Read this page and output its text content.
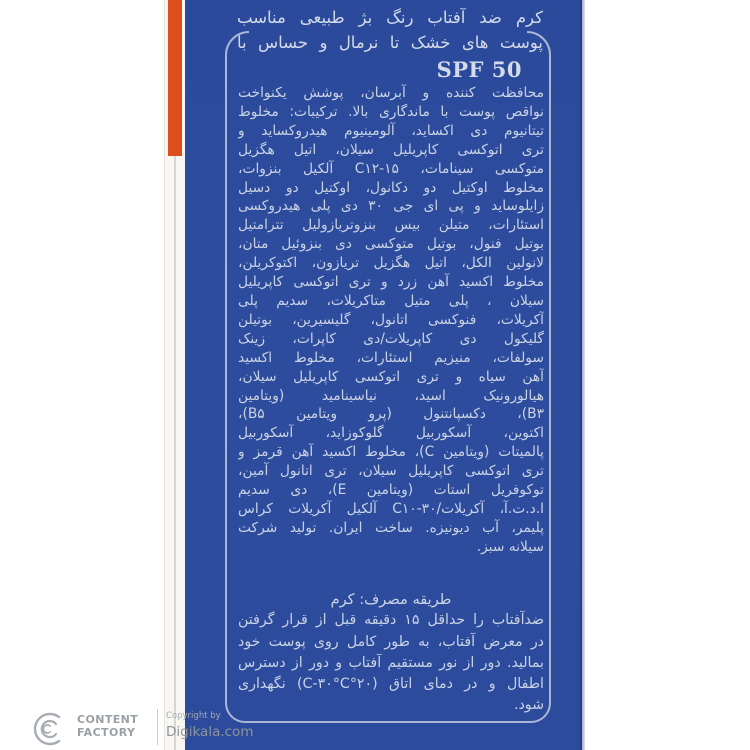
کرم ضد آفتاب رنگ بژ طبیعی مناسب
پوست های خشک تا نرمال و حساس با
SPF 50
محافظت کننده و آبرسان، پوشش یکنواخت
نواقص پوست با ماندگاری بالا. ترکیبات: مخلوط
تیتانیوم دی اکساید، آلومینیوم هیدروکساید و
تری اتوکسی کاپریلیل سیلان، اتیل هگزیل
متوکسی سینامات، C۱۲-۱۵ آلکیل بنزوات،
مخلوط اوکتیل دو دکانول، اوکتیل دو دسیل
زایلوساید و پی ای جی ۳۰ دی پلی هیدروکسی
استئارات، متیلن بیس بنزوتریازولیل تترامتیل
بوتیل فنول، بوتیل متوکسی دی بنزوئیل متان،
لانولین الکل، اتیل هگزیل تریازون، اکتوکریلن،
مخلوط اکسید آهن زرد و تری اتوکسی کاپریلیل
سیلان ، پلی متیل متاکریلات، سدیم پلی
آکریلات، فنوکسی اتانول، گلیسیرین، بوتیلن
گلیکول دی کاپریلات/دی کاپرات، زینک
سولفات، منیزیم استئارات، مخلوط اکسید
آهن سیاه و تری اتوکسی کاپریلیل سیلان،
هیالورونیک اسید، نیاسینامید (ویتامین
B۳)، دکسپانتنول (پرو ویتامین B۵)،
اکتوین، آسکوربیل گلوکوزاید، آسکوربیل
پالمیتات (ویتامین C)، مخلوط اکسید آهن قرمز و
تری اتوکسی کاپریلیل سیلان، تری اتانول آمین،
توکوفریل استات (ویتامین E)، دی سدیم
ا.د.ت.آ، آکریلات/C۱۰-۳۰ آلکیل آکریلات کراس
پلیمر، آب دیونیزه. ساخت ایران. تولید شرکت
سیلانه سبز.
طریقه مصرف: کرم
ضدآفتاب را حداقل ۱۵ دقیقه قبل از قرار گرفتن
در معرض آفتاب، به طور کامل روی پوست خود
بمالید. دور از نور مستقیم آفتاب و دور از دسترس
اطفال و در دمای اتاق (۲۰°C-۳۰°C) نگهداری
شود.
CONTENT
FACTORY
Copyright by
Digikala.com
